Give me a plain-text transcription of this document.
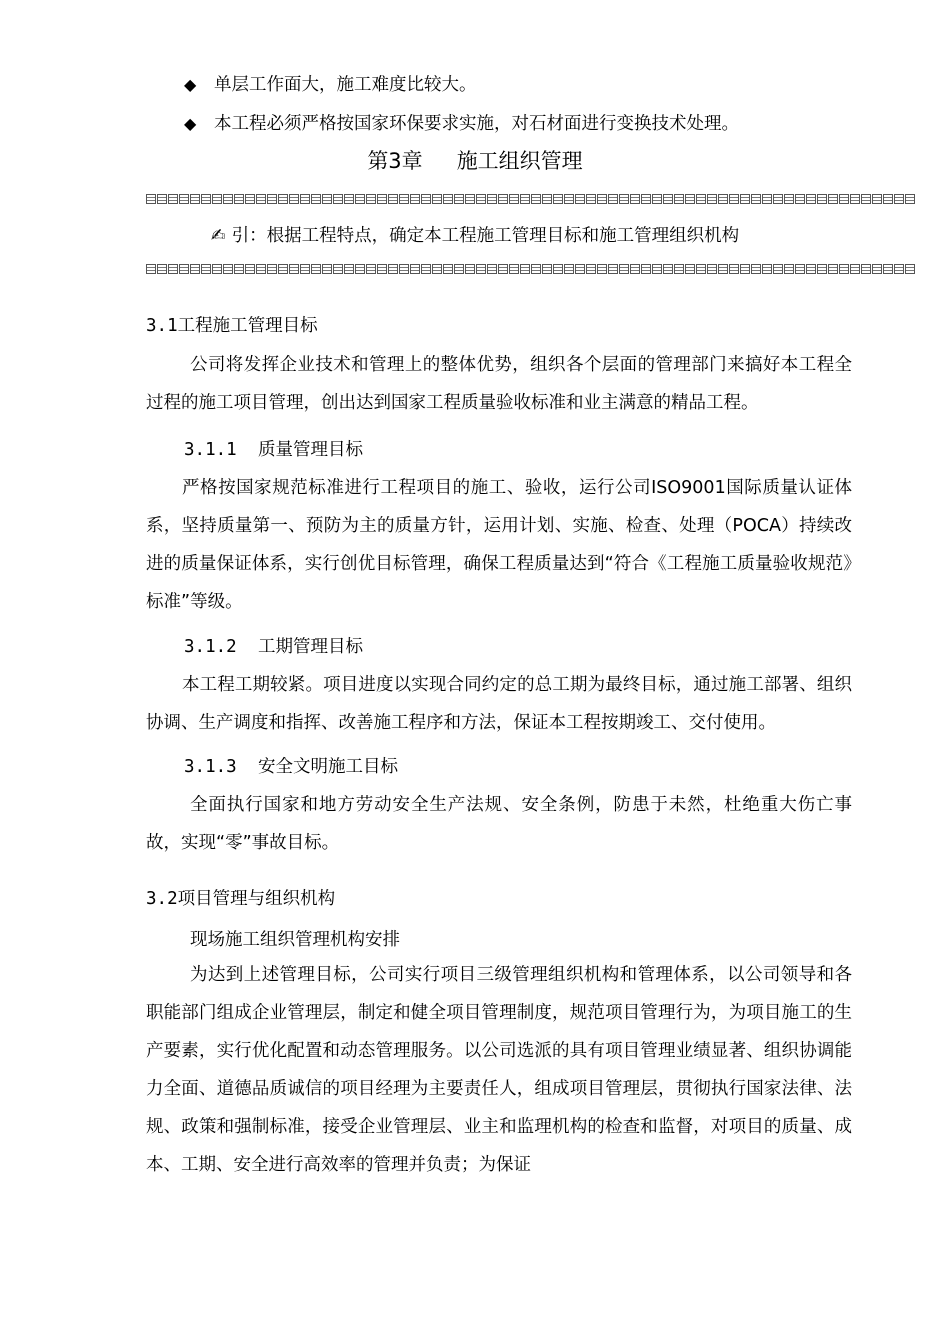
◆ 单层工作面大，施工难度比较大。
◆ 本工程必须严格按国家环保要求实施，对石材面进行变换技术处理。
第3章 施工组织管理
✍ 引：根据工程特点，确定本工程施工管理目标和施工管理组织机构
3.1工程施工管理目标
公司将发挥企业技术和管理上的整体优势，组织各个层面的管理部门来搞好本工程全过程的施工项目管理，创出达到国家工程质量验收标准和业主满意的精品工程。
3.1.1 质量管理目标
严格按国家规范标准进行工程项目的施工、验收，运行公司ISO9001国际质量认证体系，坚持质量第一、预防为主的质量方针，运用计划、实施、检查、处理（POCA）持续改进的质量保证体系，实行创优目标管理，确保工程质量达到“符合《工程施工质量验收规范》标准”等级。
3.1.2 工期管理目标
本工程工期较紧。项目进度以实现合同约定的总工期为最终目标，通过施工部署、组织协调、生产调度和指挥、改善施工程序和方法，保证本工程按期竣工、交付使用。
3.1.3 安全文明施工目标
全面执行国家和地方劳动安全生产法规、安全条例，防患于未然，杜绝重大伤亡事故，实现“零”事故目标。
3.2项目管理与组织机构
现场施工组织管理机构安排
为达到上述管理目标，公司实行项目三级管理组织机构和管理体系，以公司领导和各职能部门组成企业管理层，制定和健全项目管理制度，规范项目管理行为，为项目施工的生产要素，实行优化配置和动态管理服务。以公司选派的具有项目管理业绩显著、组织协调能力全面、道德品质诚信的项目经理为主要责任人，组成项目管理层，贯彻执行国家法律、法规、政策和强制标准，接受企业管理层、业主和监理机构的检查和监督，对项目的质量、成本、工期、安全进行高效率的管理并负责；为保证
